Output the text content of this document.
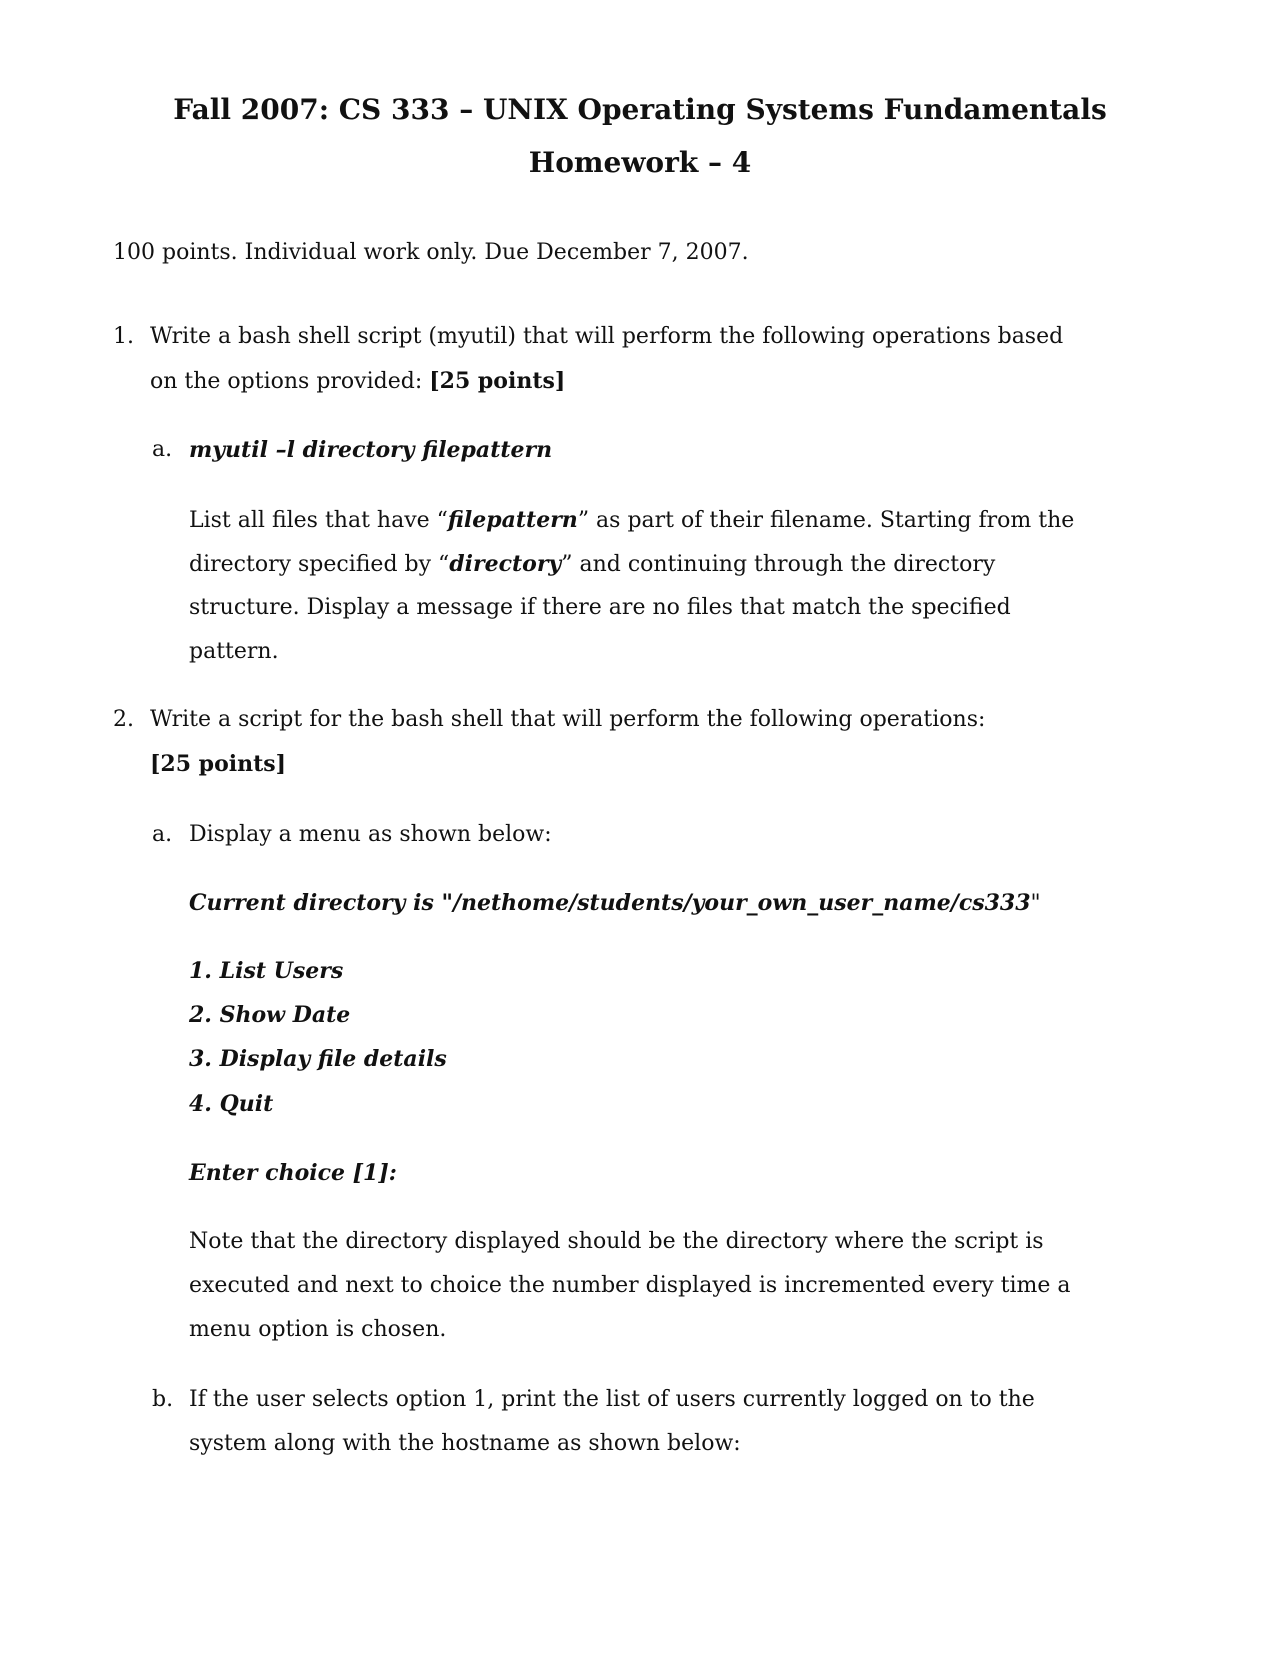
Fall 2007: CS 333 – UNIX Operating Systems Fundamentals
Homework – 4
100 points. Individual work only. Due December 7, 2007.
1. Write a bash shell script (myutil) that will perform the following operations based
on the options provided: [25 points]
a. myutil –l directory filepattern
List all files that have “filepattern” as part of their filename. Starting from the
directory specified by “directory” and continuing through the directory
structure. Display a message if there are no files that match the specified
pattern.
2. Write a script for the bash shell that will perform the following operations:
[25 points]
a. Display a menu as shown below:
Current directory is "/nethome/students/your_own_user_name/cs333"
1. List Users
2. Show Date
3. Display file details
4. Quit
Enter choice [1]:
Note that the directory displayed should be the directory where the script is
executed and next to choice the number displayed is incremented every time a
menu option is chosen.
b. If the user selects option 1, print the list of users currently logged on to the
system along with the hostname as shown below:
